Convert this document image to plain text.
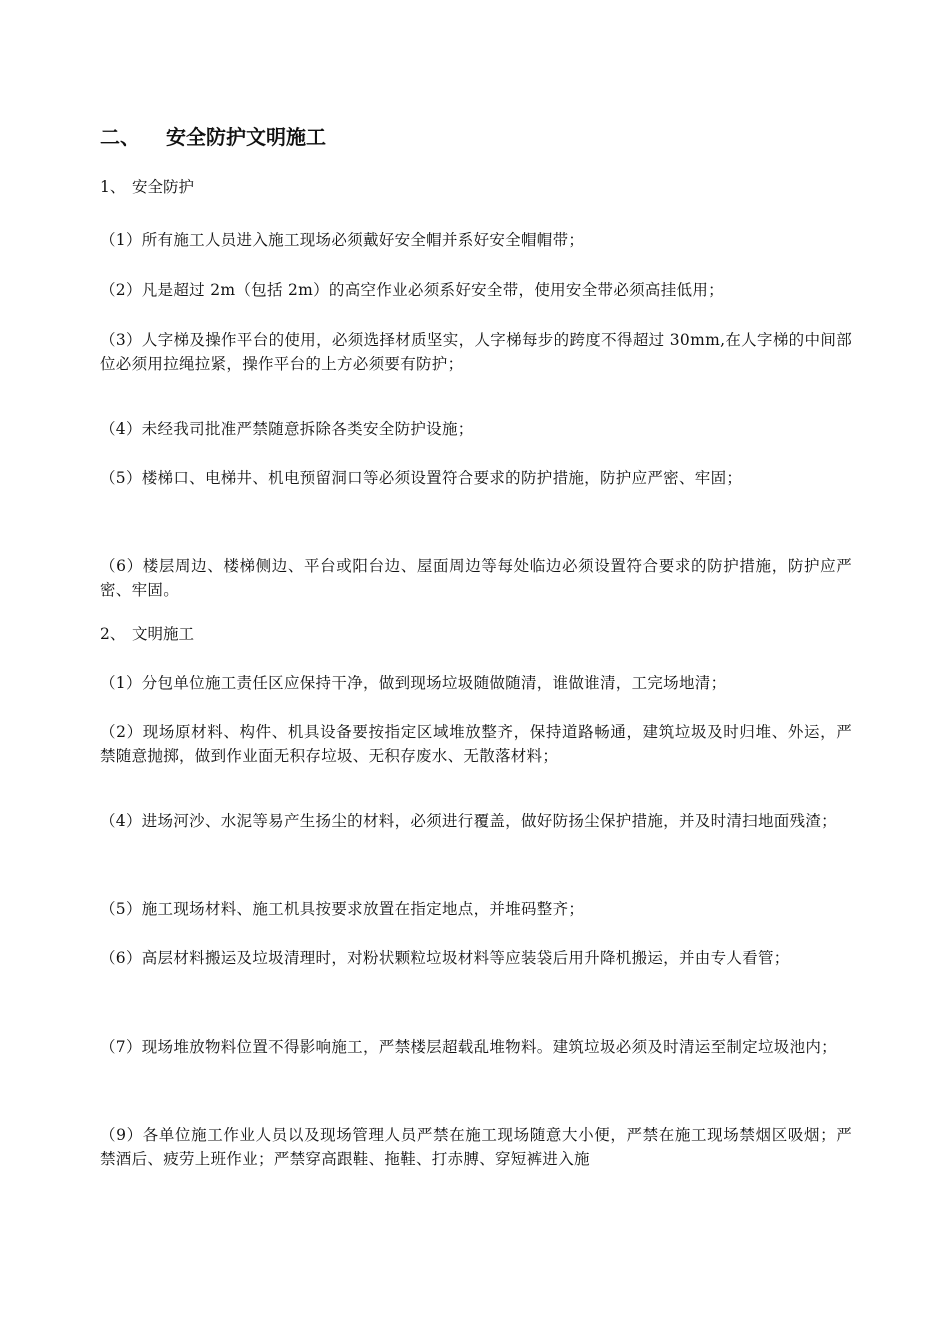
二、 安全防护文明施工
1、 安全防护

（1）所有施工人员进入施工现场必须戴好安全帽并系好安全帽帽带；

（2）凡是超过 2m（包括 2m）的高空作业必须系好安全带，使用安全带必须高挂低用；

（3）人字梯及操作平台的使用，必须选择材质坚实，人字梯每步的跨度不得超过 30mm,在人字梯的中间部位必须用拉绳拉紧，操作平台的上方必须要有防护；

（4）未经我司批准严禁随意拆除各类安全防护设施；

（5）楼梯口、电梯井、机电预留洞口等必须设置符合要求的防护措施，防护应严密、牢固；

（6）楼层周边、楼梯侧边、平台或阳台边、屋面周边等每处临边必须设置符合要求的防护措施，防护应严密、牢固。

2、 文明施工

（1）分包单位施工责任区应保持干净，做到现场垃圾随做随清，谁做谁清，工完场地清；

（2）现场原材料、构件、机具设备要按指定区域堆放整齐，保持道路畅通，建筑垃圾及时归堆、外运，严禁随意抛掷，做到作业面无积存垃圾、无积存废水、无散落材料；

（4）进场河沙、水泥等易产生扬尘的材料，必须进行覆盖，做好防扬尘保护措施，并及时清扫地面残渣；

（5）施工现场材料、施工机具按要求放置在指定地点，并堆码整齐；

（6）高层材料搬运及垃圾清理时，对粉状颗粒垃圾材料等应装袋后用升降机搬运，并由专人看管；

（7）现场堆放物料位置不得影响施工，严禁楼层超载乱堆物料。建筑垃圾必须及时清运至制定垃圾池内；

（9）各单位施工作业人员以及现场管理人员严禁在施工现场随意大小便，严禁在施工现场禁烟区吸烟；严禁酒后、疲劳上班作业；严禁穿高跟鞋、拖鞋、打赤膊、穿短裤进入施
